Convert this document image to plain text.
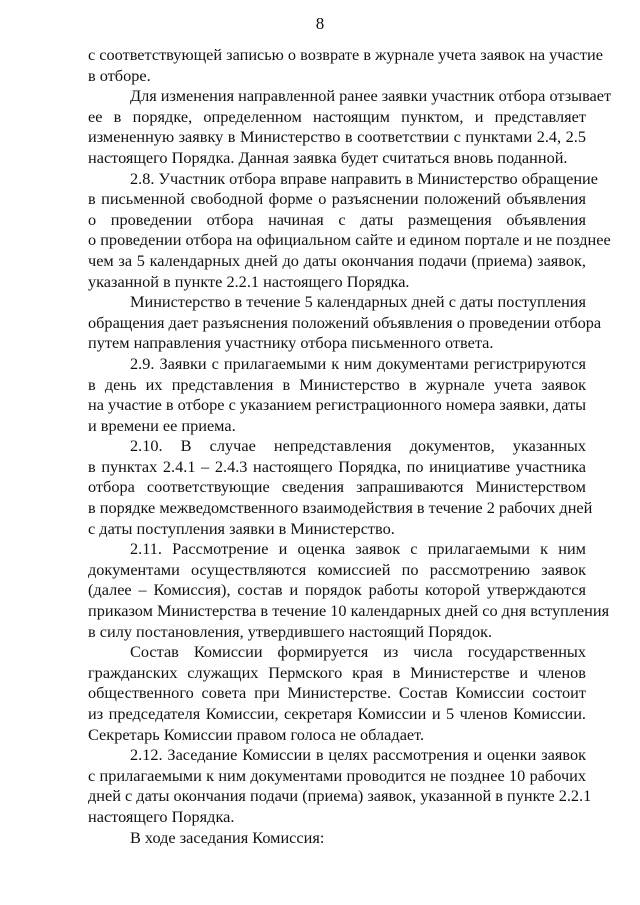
8
с соответствующей записью о возврате в журнале учета заявок на участие
в отборе.
Для изменения направленной ранее заявки участник отбора отзывает
ее в порядке, определенном настоящим пунктом, и представляет
измененную заявку в Министерство в соответствии с пунктами 2.4, 2.5
настоящего Порядка. Данная заявка будет считаться вновь поданной.
2.8. Участник отбора вправе направить в Министерство обращение
в письменной свободной форме о разъяснении положений объявления
о проведении отбора начиная с даты размещения объявления
о проведении отбора на официальном сайте и едином портале и не позднее
чем за 5 календарных дней до даты окончания подачи (приема) заявок,
указанной в пункте 2.2.1 настоящего Порядка.
Министерство в течение 5 календарных дней с даты поступления
обращения дает разъяснения положений объявления о проведении отбора
путем направления участнику отбора письменного ответа.
2.9. Заявки с прилагаемыми к ним документами регистрируются
в день их представления в Министерство в журнале учета заявок
на участие в отборе с указанием регистрационного номера заявки, даты
и времени ее приема.
2.10. В случае непредставления документов, указанных
в пунктах 2.4.1 – 2.4.3 настоящего Порядка, по инициативе участника
отбора соответствующие сведения запрашиваются Министерством
в порядке межведомственного взаимодействия в течение 2 рабочих дней
с даты поступления заявки в Министерство.
2.11. Рассмотрение и оценка заявок с прилагаемыми к ним
документами осуществляются комиссией по рассмотрению заявок
(далее – Комиссия), состав и порядок работы которой утверждаются
приказом Министерства в течение 10 календарных дней со дня вступления
в силу постановления, утвердившего настоящий Порядок.
Состав Комиссии формируется из числа государственных
гражданских служащих Пермского края в Министерстве и членов
общественного совета при Министерстве. Состав Комиссии состоит
из председателя Комиссии, секретаря Комиссии и 5 членов Комиссии.
Секретарь Комиссии правом голоса не обладает.
2.12. Заседание Комиссии в целях рассмотрения и оценки заявок
с прилагаемыми к ним документами проводится не позднее 10 рабочих
дней с даты окончания подачи (приема) заявок, указанной в пункте 2.2.1
настоящего Порядка.
В ходе заседания Комиссия:
